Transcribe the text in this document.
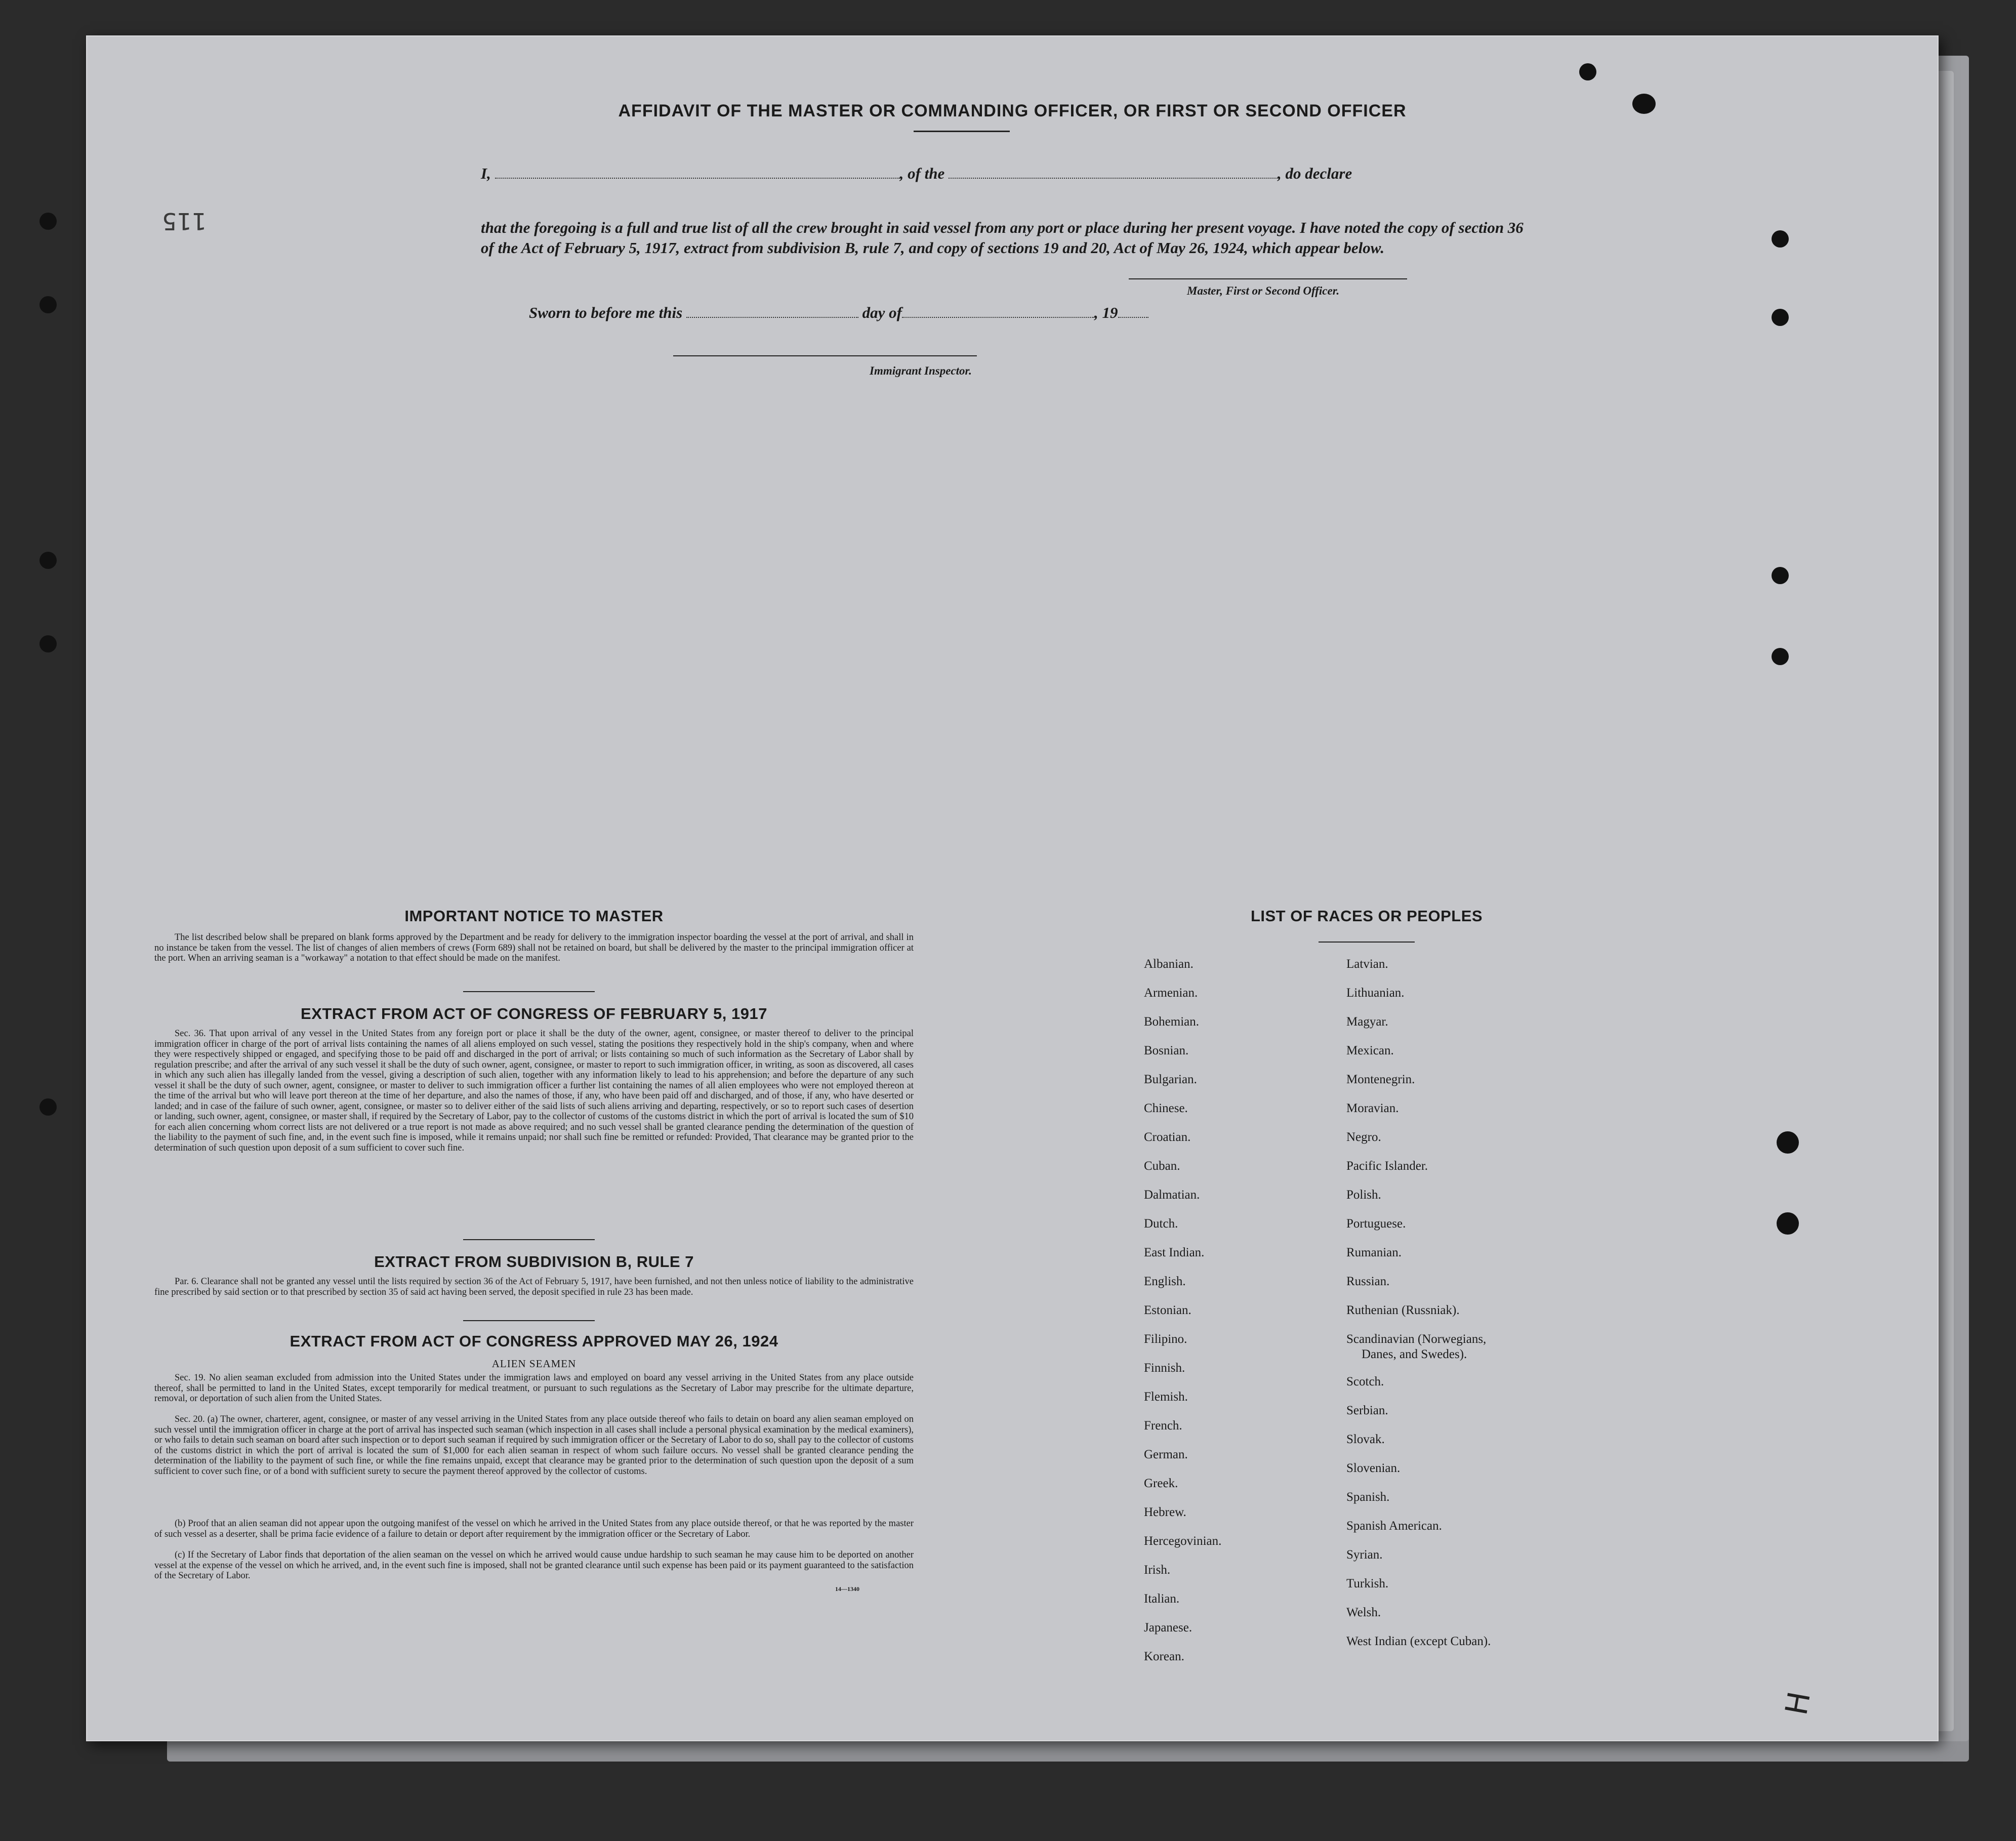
115
H
AFFIDAVIT OF THE MASTER OR COMMANDING OFFICER, OR FIRST OR SECOND OFFICER
I,	, of the	, do declare
that the foregoing is a full and true list of all the crew brought in said vessel from any port or place during her present voyage. I have noted the copy of section 36 of the Act of February 5, 1917, extract from subdivision B, rule 7, and copy of sections 19 and 20, Act of May 26, 1924, which appear below.
Master, First or Second Officer.
Sworn to before me this	day of	, 19
Immigrant Inspector.
IMPORTANT NOTICE TO MASTER
The list described below shall be prepared on blank forms approved by the Department and be ready for delivery to the immigration inspector boarding the vessel at the port of arrival, and shall in no instance be taken from the vessel. The list of changes of alien members of crews (Form 689) shall not be retained on board, but shall be delivered by the master to the principal immigration officer at the port. When an arriving seaman is a "workaway" a notation to that effect should be made on the manifest.
EXTRACT FROM ACT OF CONGRESS OF FEBRUARY 5, 1917
Sec. 36. That upon arrival of any vessel in the United States from any foreign port or place it shall be the duty of the owner, agent, consignee, or master thereof to deliver to the principal immigration officer in charge of the port of arrival lists containing the names of all aliens employed on such vessel, stating the positions they respectively hold in the ship's company, when and where they were respectively shipped or engaged, and specifying those to be paid off and discharged in the port of arrival; or lists containing so much of such information as the Secretary of Labor shall by regulation prescribe; and after the arrival of any such vessel it shall be the duty of such owner, agent, consignee, or master to report to such immigration officer, in writing, as soon as discovered, all cases in which any such alien has illegally landed from the vessel, giving a description of such alien, together with any information likely to lead to his apprehension; and before the departure of any such vessel it shall be the duty of such owner, agent, consignee, or master to deliver to such immigration officer a further list containing the names of all alien employees who were not employed thereon at the time of the arrival but who will leave port thereon at the time of her departure, and also the names of those, if any, who have been paid off and discharged, and of those, if any, who have deserted or landed; and in case of the failure of such owner, agent, consignee, or master so to deliver either of the said lists of such aliens arriving and departing, respectively, or so to report such cases of desertion or landing, such owner, agent, consignee, or master shall, if required by the Secretary of Labor, pay to the collector of customs of the customs district in which the port of arrival is located the sum of $10 for each alien concerning whom correct lists are not delivered or a true report is not made as above required; and no such vessel shall be granted clearance pending the determination of the question of the liability to the payment of such fine, and, in the event such fine is imposed, while it remains unpaid; nor shall such fine be remitted or refunded: Provided, That clearance may be granted prior to the determination of such question upon deposit of a sum sufficient to cover such fine.
EXTRACT FROM SUBDIVISION B, RULE 7
Par. 6. Clearance shall not be granted any vessel until the lists required by section 36 of the Act of February 5, 1917, have been furnished, and not then unless notice of liability to the administrative fine prescribed by said section or to that prescribed by section 35 of said act having been served, the deposit specified in rule 23 has been made.
EXTRACT FROM ACT OF CONGRESS APPROVED MAY 26, 1924
ALIEN SEAMEN
Sec. 19. No alien seaman excluded from admission into the United States under the immigration laws and employed on board any vessel arriving in the United States from any place outside thereof, shall be permitted to land in the United States, except temporarily for medical treatment, or pursuant to such regulations as the Secretary of Labor may prescribe for the ultimate departure, removal, or deportation of such alien from the United States.
Sec. 20. (a) The owner, charterer, agent, consignee, or master of any vessel arriving in the United States from any place outside thereof who fails to detain on board any alien seaman employed on such vessel until the immigration officer in charge at the port of arrival has inspected such seaman (which inspection in all cases shall include a personal physical examination by the medical examiners), or who fails to detain such seaman on board after such inspection or to deport such seaman if required by such immigration officer or the Secretary of Labor to do so, shall pay to the collector of customs of the customs district in which the port of arrival is located the sum of $1,000 for each alien seaman in respect of whom such failure occurs. No vessel shall be granted clearance pending the determination of the liability to the payment of such fine, or while the fine remains unpaid, except that clearance may be granted prior to the determination of such question upon the deposit of a sum sufficient to cover such fine, or of a bond with sufficient surety to secure the payment thereof approved by the collector of customs.
(b) Proof that an alien seaman did not appear upon the outgoing manifest of the vessel on which he arrived in the United States from any place outside thereof, or that he was reported by the master of such vessel as a deserter, shall be prima facie evidence of a failure to detain or deport after requirement by the immigration officer or the Secretary of Labor.
(c) If the Secretary of Labor finds that deportation of the alien seaman on the vessel on which he arrived would cause undue hardship to such seaman he may cause him to be deported on another vessel at the expense of the vessel on which he arrived, and, in the event such fine is imposed, shall not be granted clearance until such expense has been paid or its payment guaranteed to the satisfaction of the Secretary of Labor.
14—1340
LIST OF RACES OR PEOPLES
Albanian.
Armenian.
Bohemian.
Bosnian.
Bulgarian.
Chinese.
Croatian.
Cuban.
Dalmatian.
Dutch.
East Indian.
English.
Estonian.
Filipino.
Finnish.
Flemish.
French.
German.
Greek.
Hebrew.
Hercegovinian.
Irish.
Italian.
Japanese.
Korean.
Latvian.
Lithuanian.
Magyar.
Mexican.
Montenegrin.
Moravian.
Negro.
Pacific Islander.
Polish.
Portuguese.
Rumanian.
Russian.
Ruthenian (Russniak).
Scandinavian (Norwegians,
Danes, and Swedes).
Scotch.
Serbian.
Slovak.
Slovenian.
Spanish.
Spanish American.
Syrian.
Turkish.
Welsh.
West Indian (except Cuban).
